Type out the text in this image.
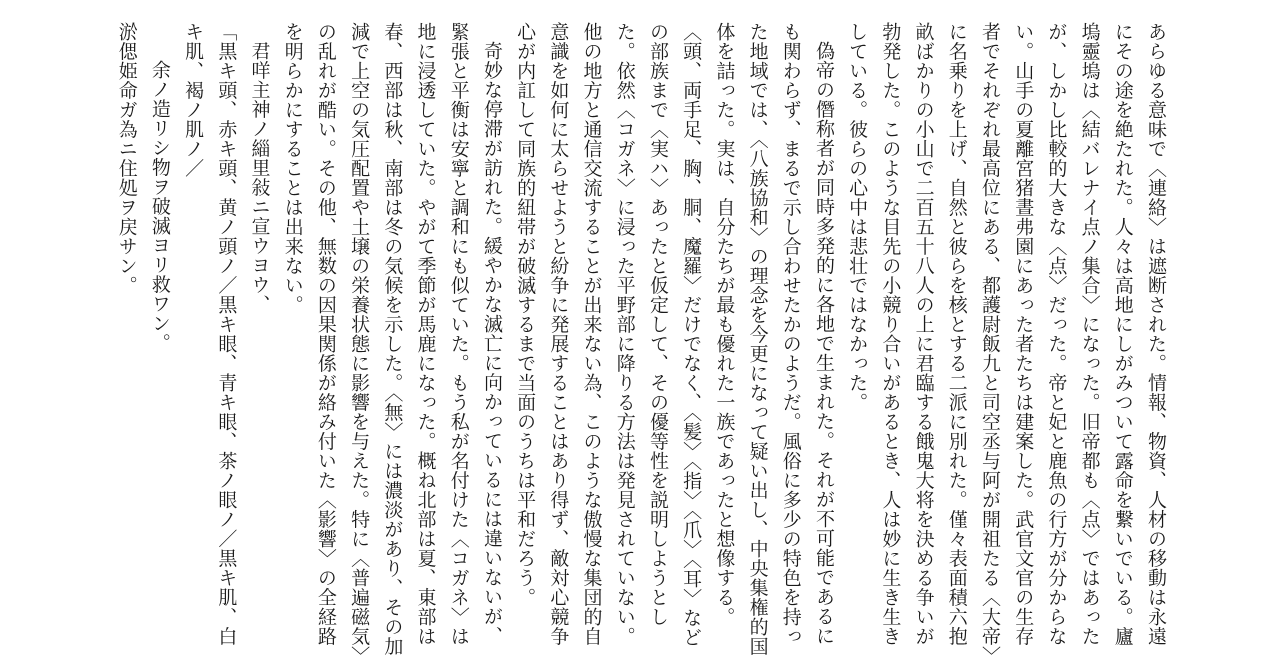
あらゆる意味で〈連絡〉は遮断された。情報、物資、人材の移動は永遠にその途を絶たれた。人々は高地にしがみついて露命を繋いでいる。廬塢靈塢は〈結バレナイ点ノ集合〉になった。旧帝都も〈点〉ではあったが、しかし比較的大きな〈点〉だった。帝と妃と鹿魚の行方が分からない。山手の夏離宮猪晝弗園にあった者たちは建案した。武官文官の生存者でそれぞれ最高位にある、都護尉飯九と司空丞与阿が開祖たる〈大帝〉に名乗りを上げ、自然と彼らを核とする二派に別れた。僅々表面積六抱畝ばかりの小山で二百五十八人の上に君臨する餓鬼大将を決める争いが勃発した。このような目先の小競り合いがあるとき、人は妙に生き生きしている。彼らの心中は悲壮ではなかった。

偽帝の僭称者が同時多発的に各地で生まれた。それが不可能であるにも関わらず、まるで示し合わせたかのようだ。風俗に多少の特色を持った地域では、〈八族協和〉の理念を今更になって疑い出し、中央集権的国体を詰った。実は、自分たちが最も優れた一族であったと想像する。〈頭、両手足、胸、胴、魔羅〉だけでなく、〈髪〉〈指〉〈爪〉〈耳〉などの部族まで〈実ハ〉あったと仮定して、その優等性を説明しようとした。依然〈コガネ〉に浸った平野部に降りる方法は発見されていない。他の地方と通信交流することが出来ない為、このような傲慢な集団的自意識を如何に太らせようと紛争に発展することはあり得ず、敵対心競争心が内訌して同族的紐帯が破滅するまで当面のうちは平和だろう。

奇妙な停滞が訪れた。緩やかな滅亡に向かっているには違いないが、緊張と平衡は安寧と調和にも似ていた。もう私が名付けた〈コガネ〉は地に浸透していた。やがて季節が馬鹿になった。概ね北部は夏、東部は春、西部は秋、南部は冬の気候を示した。〈無〉には濃淡があり、その加減で上空の気圧配置や土壌の栄養状態に影響を与えた。特に〈普遍磁気〉の乱れが酷い。その他、無数の因果関係が絡み付いた〈影響〉の全経路を明らかにすることは出来ない。

君咩主神ノ緇里敍ニ宣ウヨウ、

「黒キ頭、赤キ頭、黄ノ頭ノ／黒キ眼、青キ眼、茶ノ眼ノ／黒キ肌、白キ肌、褐ノ肌ノ／

余ノ造リシ物ヲ破滅ヨリ救ワン。

淤偲姫命ガ為ニ住処ヲ戻サン。
